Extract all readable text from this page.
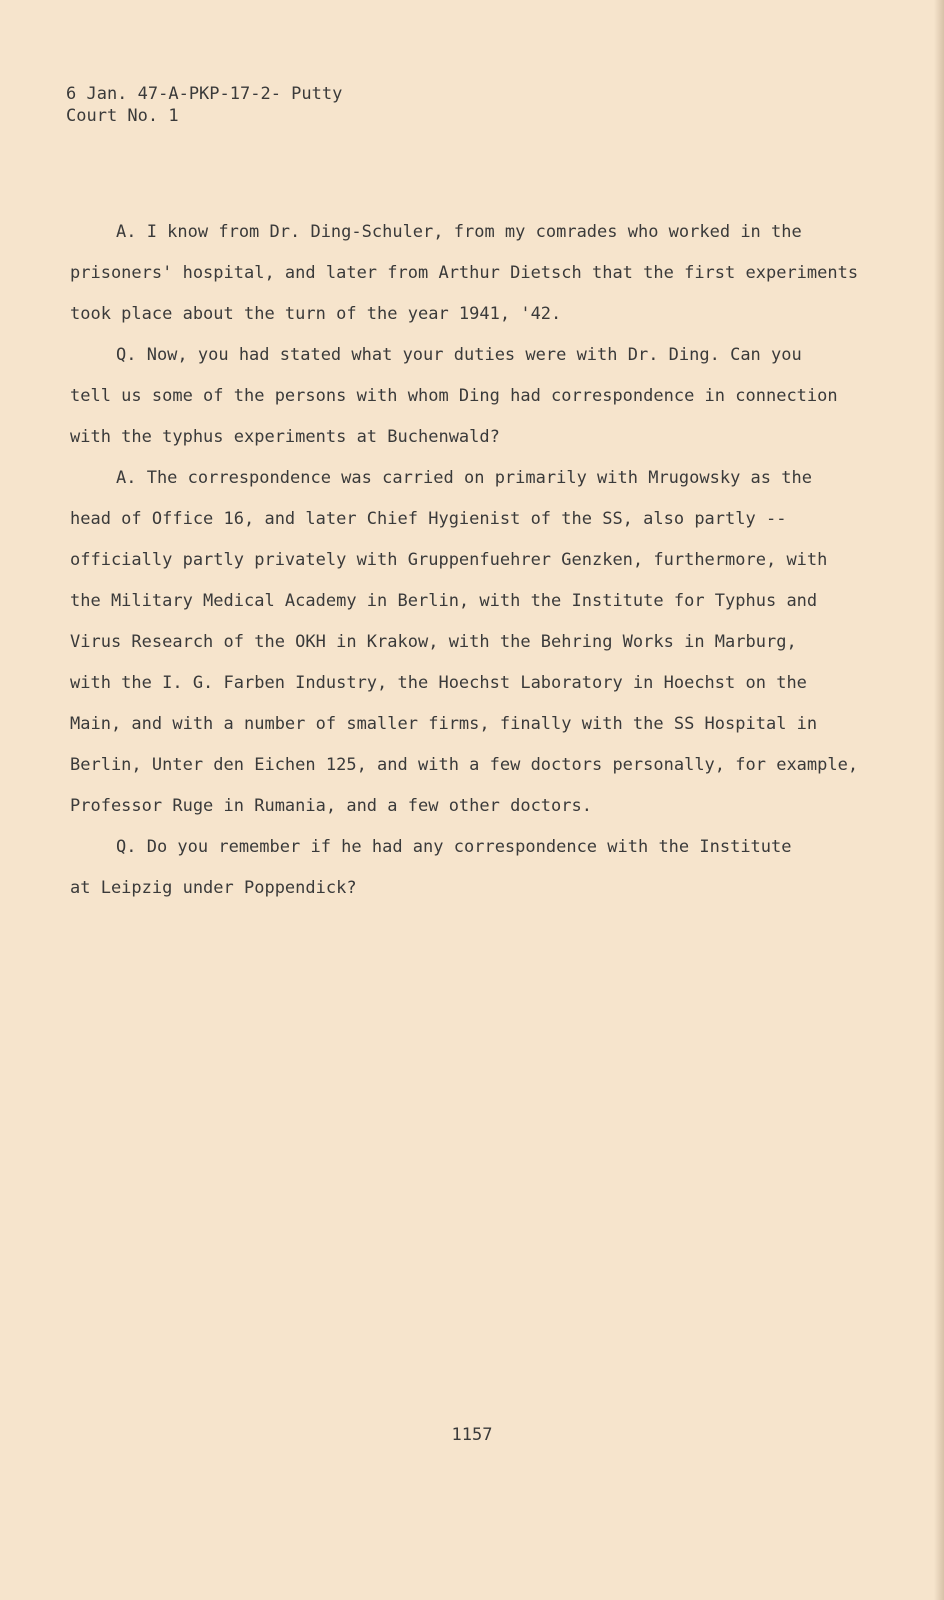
6 Jan. 47-A-PKP-17-2- Putty
Court No. 1
A. I know from Dr. Ding-Schuler, from my comrades who worked in the
prisoners' hospital, and later from Arthur Dietsch that the first experiments
took place about the turn of the year 1941, '42.
Q. Now, you had stated what your duties were with Dr. Ding. Can you
tell us some of the persons with whom Ding had correspondence in connection
with the typhus experiments at Buchenwald?
A. The correspondence was carried on primarily with Mrugowsky as the
head of Office 16, and later Chief Hygienist of the SS, also partly --
officially partly privately with Gruppenfuehrer Genzken, furthermore, with
the Military Medical Academy in Berlin, with the Institute for Typhus and
Virus Research of the OKH in Krakow, with the Behring Works in Marburg,
with the I. G. Farben Industry, the Hoechst Laboratory in Hoechst on the
Main, and with a number of smaller firms, finally with the SS Hospital in
Berlin, Unter den Eichen 125, and with a few doctors personally, for example,
Professor Ruge in Rumania, and a few other doctors.
Q. Do you remember if he had any correspondence with the Institute
at Leipzig under Poppendick?
1157
